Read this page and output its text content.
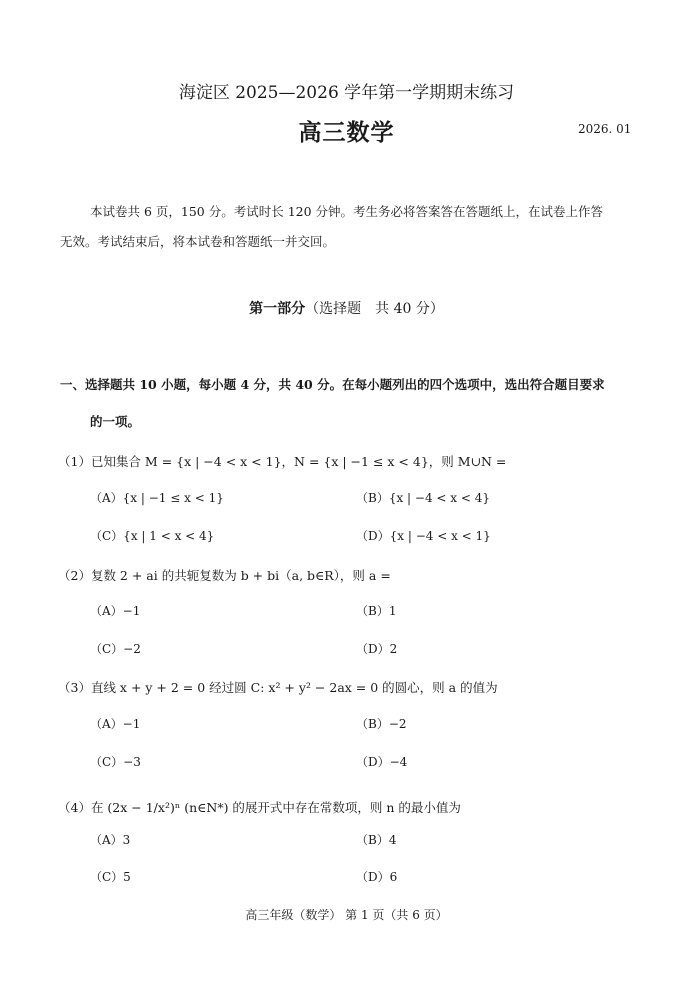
海淀区 2025—2026 学年第一学期期末练习
高三数学	2026. 01
本试卷共 6 页，150 分。考试时长 120 分钟。考生务必将答案答在答题纸上，在试卷上作答
无效。考试结束后，将本试卷和答题纸一并交回。
第一部分（选择题　共 40 分）
一、选择题共 10 小题，每小题 4 分，共 40 分。在每小题列出的四个选项中，选出符合题目要求
的一项。
（1）已知集合 M = {x | −4 < x < 1}，N = {x | −1 ≤ x < 4}，则 M∪N =
（A）{x | −1 ≤ x < 1}	（B）{x | −4 < x < 4}
（C）{x | 1 < x < 4}	（D）{x | −4 < x < 1}
（2）复数 2 + ai 的共轭复数为 b + bi（a, b∈R），则 a =
（A）−1	（B）1
（C）−2	（D）2
（3）直线 x + y + 2 = 0 经过圆 C: x² + y² − 2ax = 0 的圆心，则 a 的值为
（A）−1	（B）−2
（C）−3	（D）−4
（4）在 (2x − 1/x²)ⁿ (n∈N*) 的展开式中存在常数项，则 n 的最小值为
（A）3	（B）4
（C）5	（D）6
高三年级（数学） 第 1 页（共 6 页）
